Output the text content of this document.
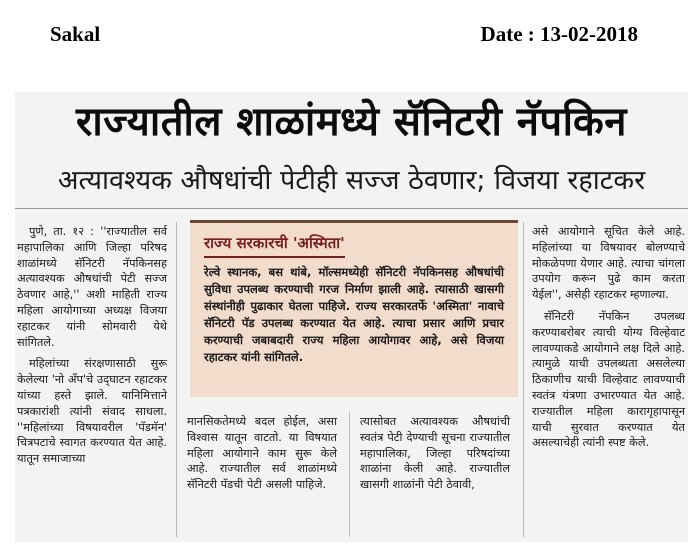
Sakal	Date : 13-02-2018
राज्यातील शाळांमध्ये सॅनिटरी नॅपकिन
अत्यावश्यक औषधांची पेटीही सज्ज ठेवणार; विजया रहाटकर

पुणे, ता. १२ : ''राज्यातील सर्व महापालिका आणि जिल्हा परिषद शाळांमध्ये सॅनिटरी नॅपकिनसह अत्यावश्यक औषधांची पेटी सज्ज ठेवणार आहे,'' अशी माहिती राज्य महिला आयोगाच्या अध्यक्ष विजया रहाटकर यांनी सोमवारी येथे सांगितले.

महिलांच्या संरक्षणासाठी सुरू केलेल्या 'नो अँप'चे उद्‌घाटन रहाटकर यांच्या हस्ते झाले. यानिमित्ताने पत्रकारांशी त्यांनी संवाद साधला. ''महिलांच्या विषयावरील 'पॅडमॅन' चित्रपटाचे स्वागत करण्यात येत आहे. यातून समाजाच्या

राज्य सरकारची 'अस्मिता'
रेल्वे स्थानक, बस थांबे, मॉल्समध्येही सॅनिटरी नॅपकिनसह औषधांची सुविधा उपलब्ध करण्याची गरज निर्माण झाली आहे. त्यासाठी खासगी संस्थांनीही पुढाकार घेतला पाहिजे. राज्य सरकारतर्फे 'अस्मिता' नावाचे सॅनिटरी पॅड उपलब्ध करण्यात येत आहे. त्याचा प्रसार आणि प्रचार करण्याची जबाबदारी राज्य महिला आयोगावर आहे, असे विजया रहाटकर यांनी सांगितले.

मानसिकतेमध्ये बदल होईल, असा विश्वास यातून वाटतो. या विषयात महिला आयोगाने काम सुरू केले आहे. राज्यातील सर्व शाळांमध्ये सॅनिटरी पॅडची पेटी असली पाहिजे.

त्यासोबत अत्यावश्यक औषधांची स्वतंत्र पेटी देण्याची सूचना राज्यातील महापालिका, जिल्हा परिषदांच्या शाळांना केली आहे. राज्यातील खासगी शाळांनी पेटी ठेवावी,

असे आयोगाने सूचित केले आहे. महिलांच्या या विषयावर बोलण्याचे मोकळेपणा येणार आहे. त्याचा चांगला उपयोग करून पुढे काम करता येईल'', असेही रहाटकर म्हणाल्या.

सॅनिटरी नॅपकिन उपलब्ध करण्याबरोबर त्याची योग्य विल्हेवाट लावण्याकडे आयोगाने लक्ष दिले आहे. त्यामुळे याची उपलब्धता असलेल्या ठिकाणीच याची विल्हेवाट लावण्याची स्वतंत्र यंत्रणा उभारण्यात येत आहे. राज्यातील महिला कारागृहापासून याची सुरवात करण्यात येत असल्याचेही त्यांनी स्पष्ट केले.
